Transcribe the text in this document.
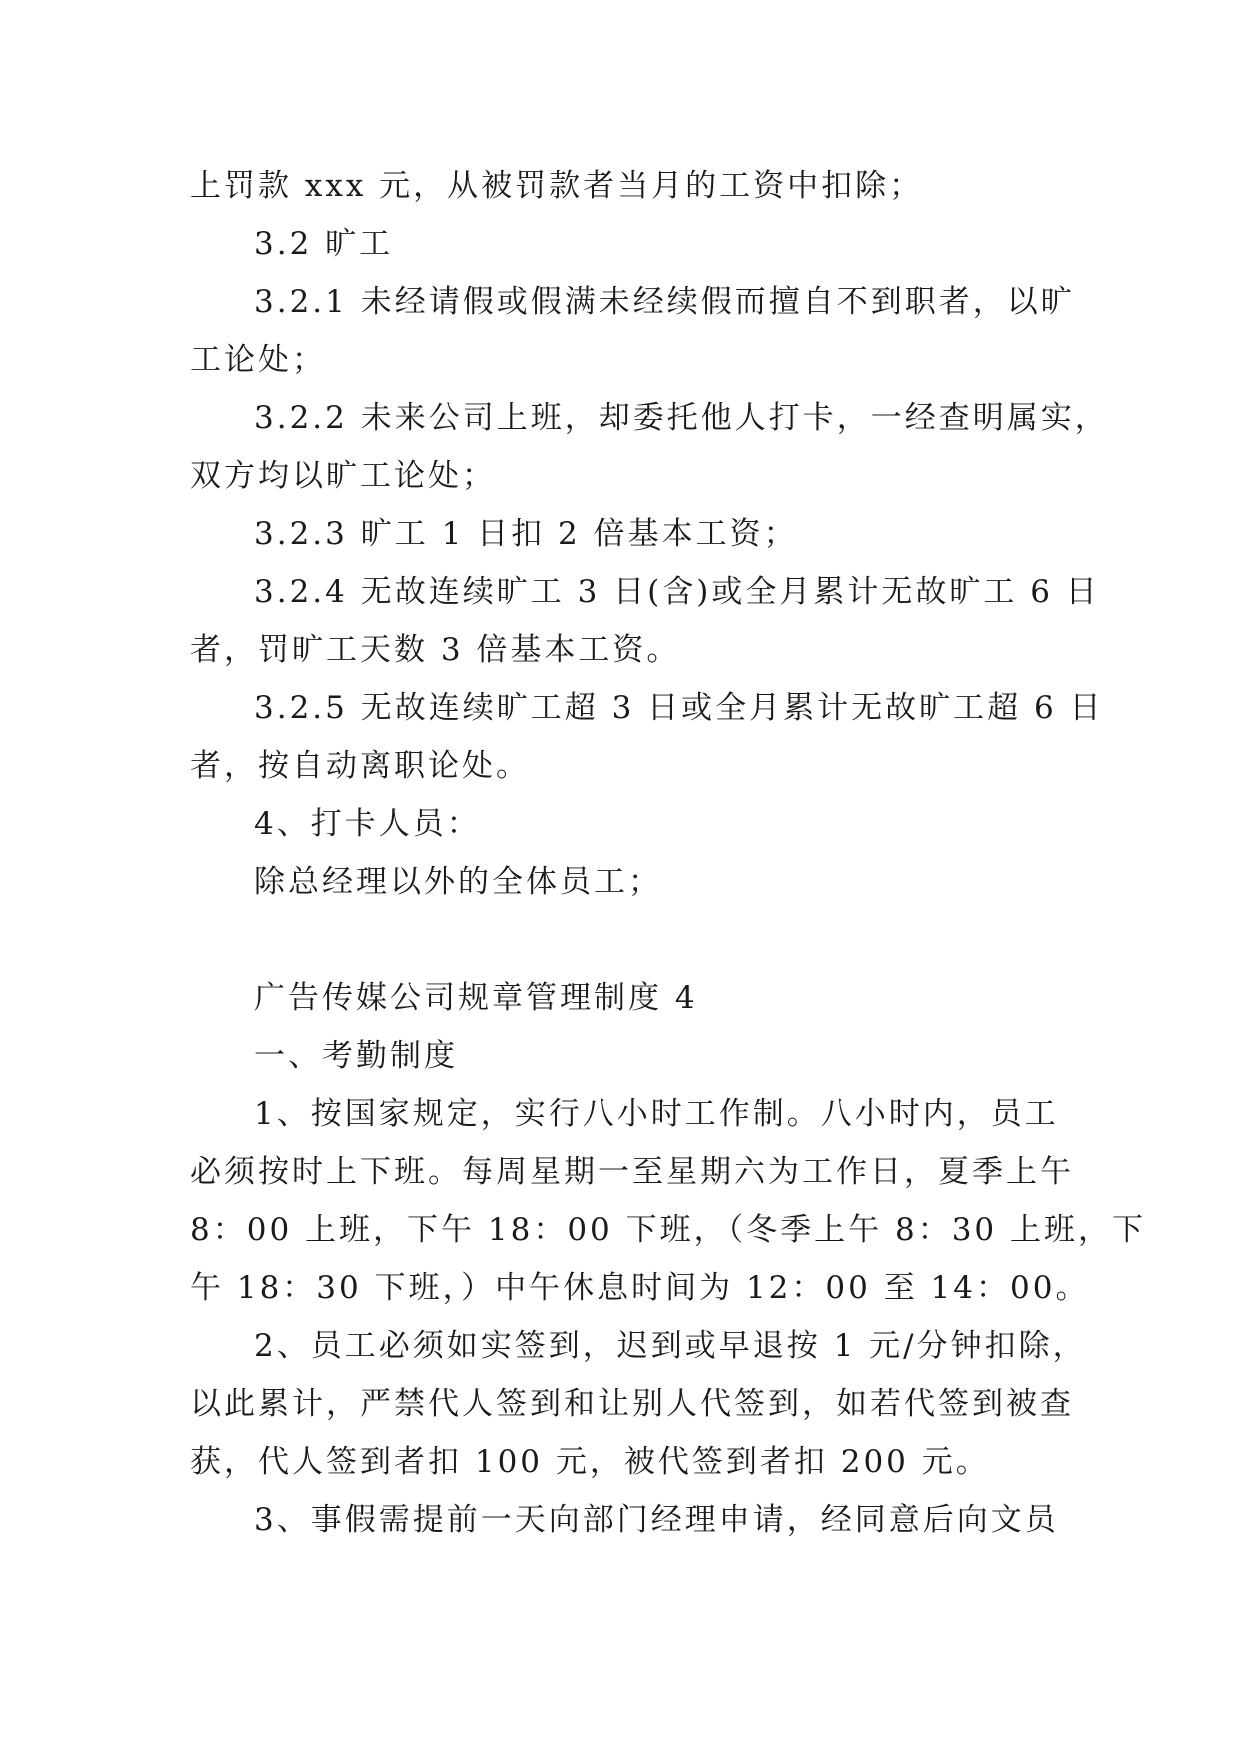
上罚款 xxx 元，从被罚款者当月的工资中扣除；
3.2 旷工
3.2.1 未经请假或假满未经续假而擅自不到职者，以旷
工论处；
3.2.2 未来公司上班，却委托他人打卡，一经查明属实，
双方均以旷工论处；
3.2.3 旷工 1 日扣 2 倍基本工资；
3.2.4 无故连续旷工 3 日(含)或全月累计无故旷工 6 日
者，罚旷工天数 3 倍基本工资。
3.2.5 无故连续旷工超 3 日或全月累计无故旷工超 6 日
者，按自动离职论处。
4、打卡人员：
除总经理以外的全体员工；
广告传媒公司规章管理制度 4
一、考勤制度
1、按国家规定，实行八小时工作制。八小时内，员工
必须按时上下班。每周星期一至星期六为工作日，夏季上午
8：00 上班，下午 18：00 下班，（冬季上午 8：30 上班，下
午 18：30 下班，）中午休息时间为 12：00 至 14：00。
2、员工必须如实签到，迟到或早退按 1 元/分钟扣除，
以此累计，严禁代人签到和让别人代签到，如若代签到被查
获，代人签到者扣 100 元，被代签到者扣 200 元。
3、事假需提前一天向部门经理申请，经同意后向文员
